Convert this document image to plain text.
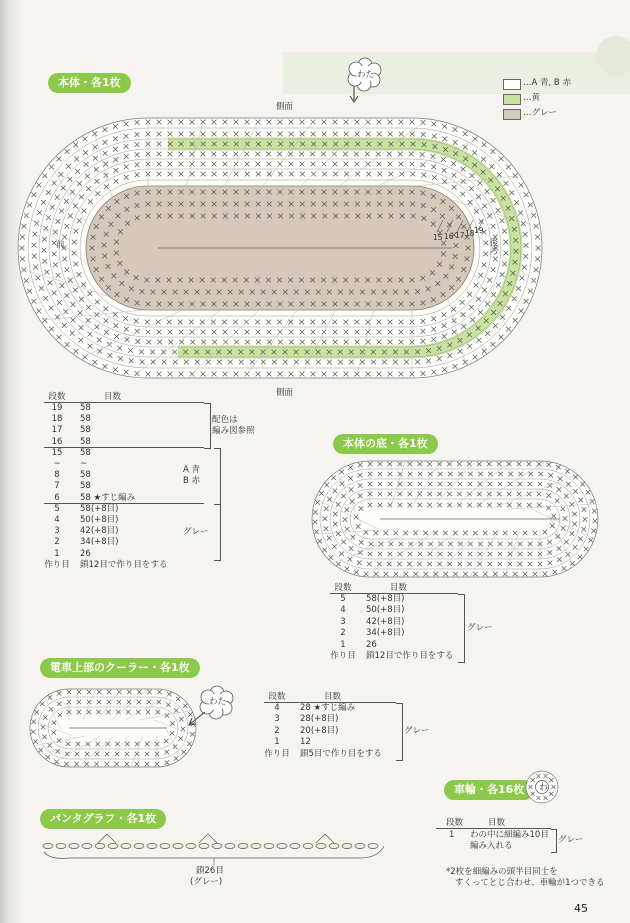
本体・各1枚	…A 青, B 赤
…黄
…グレー
側面
側面
前	後ろ
わた
15 16 17 18 19
段数	目数
19	58
18	58
17	58
16	58
15	58
~	~
8	58
7	58
6	58 ★すじ編み
5	58(+8目)
4	50(+8目)
3	42(+8目)
2	34(+8目)
1	26
作り目 鎖12目で作り目をする
配色は
編み図参照
A 青
B 赤
グレー
本体の底・各1枚
段数	目数
5	58(+8目)
4	50(+8目)
3	42(+8目)
2	34(+8目)
1	26
作り目 鎖12目で作り目をする
グレー
電車上部のクーラー・各1枚
わた	段数	目数
4	28 ★すじ編み
3	28(+8目)
2	20(+8目)
1	12
作り目 鎖5目で作り目をする
グレー
パンタグラフ・各1枚
鎖26目
(グレー)
車輪・各16枚	わ
段数	目数
1 わの中に細編み10目
編み入れる
グレー
*2枚を細編みの頭半目同士を
すくってとじ合わせ、車輪が1つできる
45
